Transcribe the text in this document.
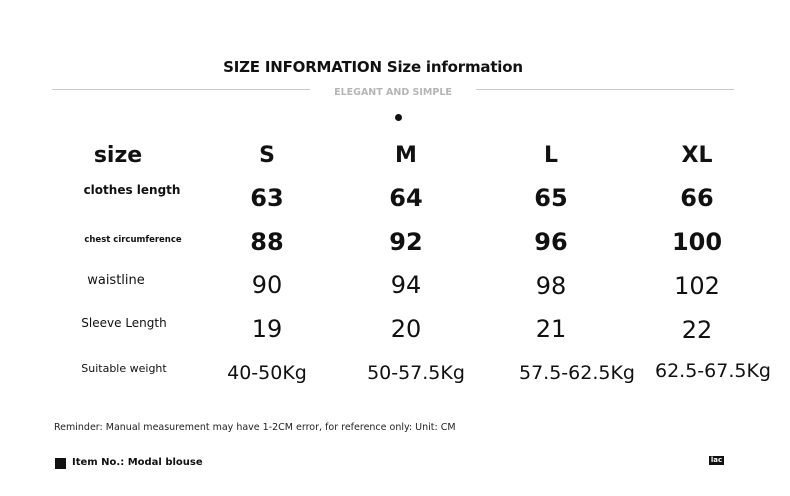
SIZE INFORMATION Size information
ELEGANT AND SIMPLE
size	S	M	L	XL
clothes length	63	64	65	66
chest circumference	88	92	96	100
waistline	90	94	98	102
Sleeve Length	19	20	21	22
Suitable weight	40-50Kg	50-57.5Kg	57.5-62.5Kg	62.5-67.5Kg
Reminder: Manual measurement may have 1-2CM error, for reference only: Unit: CM
Item No.: Modal blouse	lac
